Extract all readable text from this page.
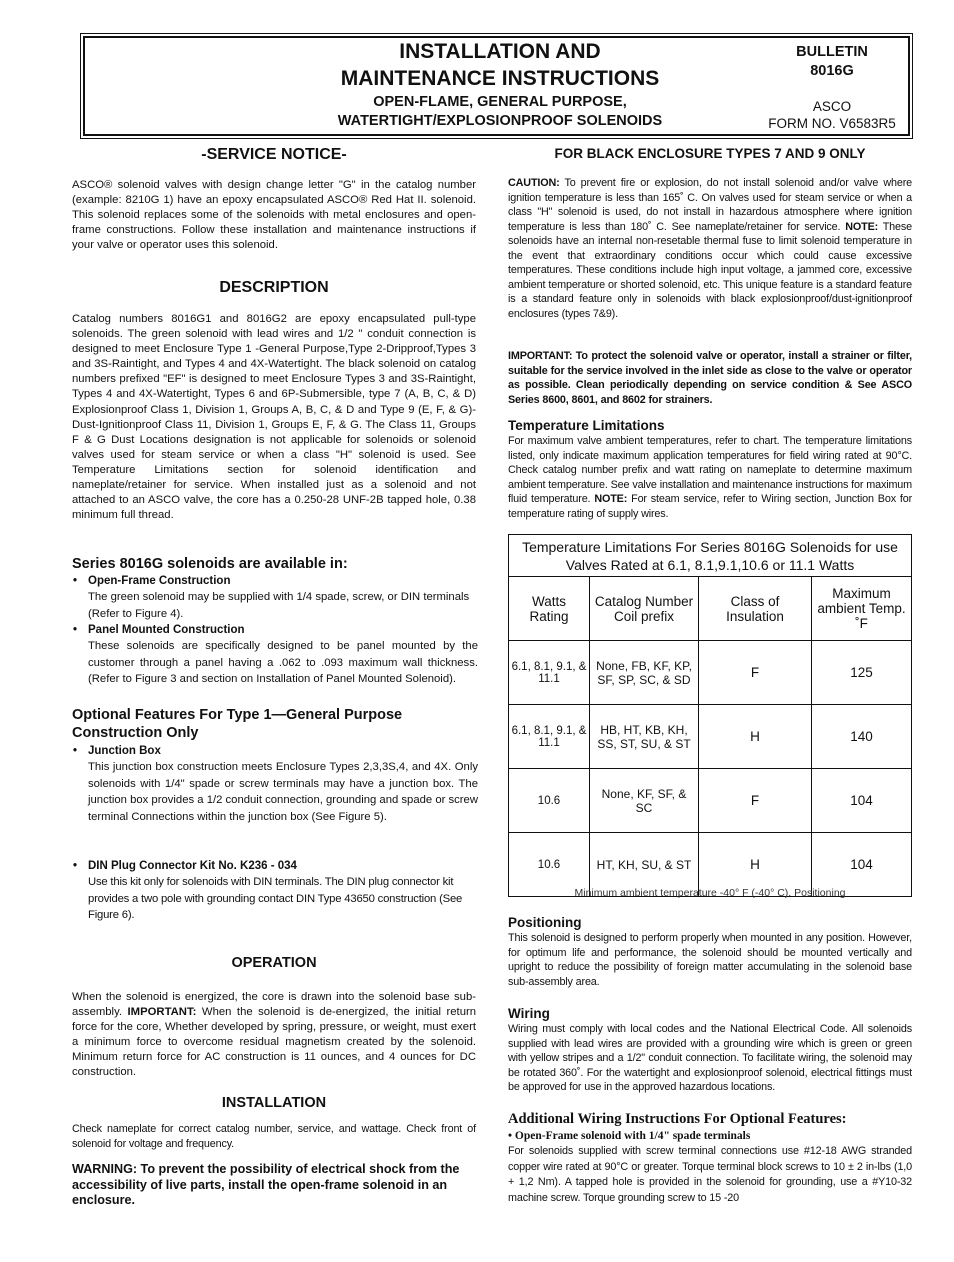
INSTALLATION AND
MAINTENANCE INSTRUCTIONS
OPEN-FLAME, GENERAL PURPOSE,
WATERTIGHT/EXPLOSIONPROOF SOLENOIDS
BULLETIN
8016G
ASCO
FORM NO. V6583R5
-SERVICE NOTICE-
ASCO® solenoid valves with design change letter "G" in the catalog number (example: 8210G 1) have an epoxy encapsulated ASCO® Red Hat II. solenoid. This solenoid replaces some of the solenoids with metal enclosures and open-frame constructions. Follow these installation and maintenance instructions if your valve or operator uses this solenoid.
DESCRIPTION
Catalog numbers 8016G1 and 8016G2 are epoxy encapsulated pull-type solenoids. The green solenoid with lead wires and 1/2 " conduit connection is designed to meet Enclosure Type 1 -General Purpose,Type 2-Dripproof,Types 3 and 3S-Raintight, and Types 4 and 4X-Watertight. The black solenoid on catalog numbers prefixed "EF" is designed to meet Enclosure Types 3 and 3S-Raintight, Types 4 and 4X-Watertight, Types 6 and 6P-Submersible, type 7 (A, B, C, & D) Explosionproof Class 1, Division 1, Groups A, B, C, & D and Type 9 (E, F, & G)-Dust-Ignitionproof Class 11, Division 1, Groups E, F, & G. The Class 11, Groups F & G Dust Locations designation is not applicable for solenoids or solenoid valves used for steam service or when a class "H" solenoid is used. See Temperature Limitations section for solenoid identification and nameplate/retainer for service. When installed just as a solenoid and not attached to an ASCO valve, the core has a 0.250-28 UNF-2B tapped hole, 0.38 minimum full thread.
Series 8016G solenoids are available in:
• Open-Frame Construction
The green solenoid may be supplied with 1/4 spade, screw, or DIN terminals (Refer to Figure 4).
• Panel Mounted Construction
These solenoids are specifically designed to be panel mounted by the customer through a panel having a .062 to .093 maximum wall thickness. (Refer to Figure 3 and section on Installation of Panel Mounted Solenoid).
Optional Features For Type 1—General Purpose Construction Only
• Junction Box
This junction box construction meets Enclosure Types 2,3,3S,4, and 4X. Only solenoids with 1/4" spade or screw terminals may have a junction box. The junction box provides a 1/2 conduit connection, grounding and spade or screw terminal Connections within the junction box (See Figure 5).
• DIN Plug Connector Kit No. K236 - 034
Use this kit only for solenoids with DIN terminals. The DIN plug connector kit provides a two pole with grounding contact DIN Type 43650 construction (See Figure 6).
OPERATION
When the solenoid is energized, the core is drawn into the solenoid base sub-assembly. IMPORTANT: When the solenoid is de-energized, the initial return force for the core, Whether developed by spring, pressure, or weight, must exert a minimum force to overcome residual magnetism created by the solenoid. Minimum return force for AC construction is 11 ounces, and 4 ounces for DC construction.
INSTALLATION
Check nameplate for correct catalog number, service, and wattage. Check front of solenoid for voltage and frequency.
WARNING: To prevent the possibility of electrical shock from the accessibility of live parts, install the open-frame solenoid in an enclosure.
FOR BLACK ENCLOSURE TYPES 7 AND 9 ONLY
CAUTION: To prevent fire or explosion, do not install solenoid and/or valve where ignition temperature is less than 165˚ C. On valves used for steam service or when a class "H" solenoid is used, do not install in hazardous atmosphere where ignition temperature is less than 180˚ C. See nameplate/retainer for service. NOTE: These solenoids have an internal non-resetable thermal fuse to limit solenoid temperature in the event that extraordinary conditions occur which could cause excessive temperatures. These conditions include high input voltage, a jammed core, excessive ambient temperature or shorted solenoid, etc. This unique feature is a standard feature is a standard feature only in solenoids with black explosionproof/dust-ignitionproof enclosures (types 7&9).
IMPORTANT: To protect the solenoid valve or operator, install a strainer or filter, suitable for the service involved in the inlet side as close to the valve or operator as possible. Clean periodically depending on service condition & See ASCO Series 8600, 8601, and 8602 for strainers.
Temperature Limitations
For maximum valve ambient temperatures, refer to chart. The temperature limitations listed, only indicate maximum application temperatures for field wiring rated at 90°C. Check catalog number prefix and watt rating on nameplate to determine maximum ambient temperature. See valve installation and maintenance instructions for maximum fluid temperature. NOTE: For steam service, refer to Wiring section, Junction Box for temperature rating of supply wires.
Temperature Limitations For Series 8016G Solenoids for use Valves Rated at 6.1, 8.1,9.1,10.6 or 11.1 Watts			
Watts Rating	Catalog Number Coil prefix	Class of Insulation	Maximum ambient Temp. ˚F
6.1, 8.1, 9.1, & 11.1	None, FB, KF, KP, SF, SP, SC, & SD	F	125
6.1, 8.1, 9.1, & 11.1	HB, HT, KB, KH, SS, ST, SU, & ST	H	140
10.6	None, KF, SF, & SC	F	104
10.6	HT, KH, SU, & ST	H	104
Minimum ambient temperature -40° F (-40° C). Positioning
Positioning
This solenoid is designed to perform properly when mounted in any position. However, for optimum life and performance, the solenoid should be mounted vertically and upright to reduce the possibility of foreign matter accumulating in the solenoid base sub-assembly area.
Wiring
Wiring must comply with local codes and the National Electrical Code. All solenoids supplied with lead wires are provided with a grounding wire which is green or green with yellow stripes and a 1/2" conduit connection. To facilitate wiring, the solenoid may be rotated 360˚. For the watertight and explosionproof solenoid, electrical fittings must be approved for use in the approved hazardous locations.
Additional Wiring Instructions For Optional Features:
• Open-Frame solenoid with 1/4" spade terminals
For solenoids supplied with screw terminal connections use #12-18 AWG stranded copper wire rated at 90°C or greater. Torque terminal block screws to 10 ± 2 in-lbs (1,0 + 1,2 Nm). A tapped hole is provided in the solenoid for grounding, use a #Y10-32 machine screw. Torque grounding screw to 15 -20
